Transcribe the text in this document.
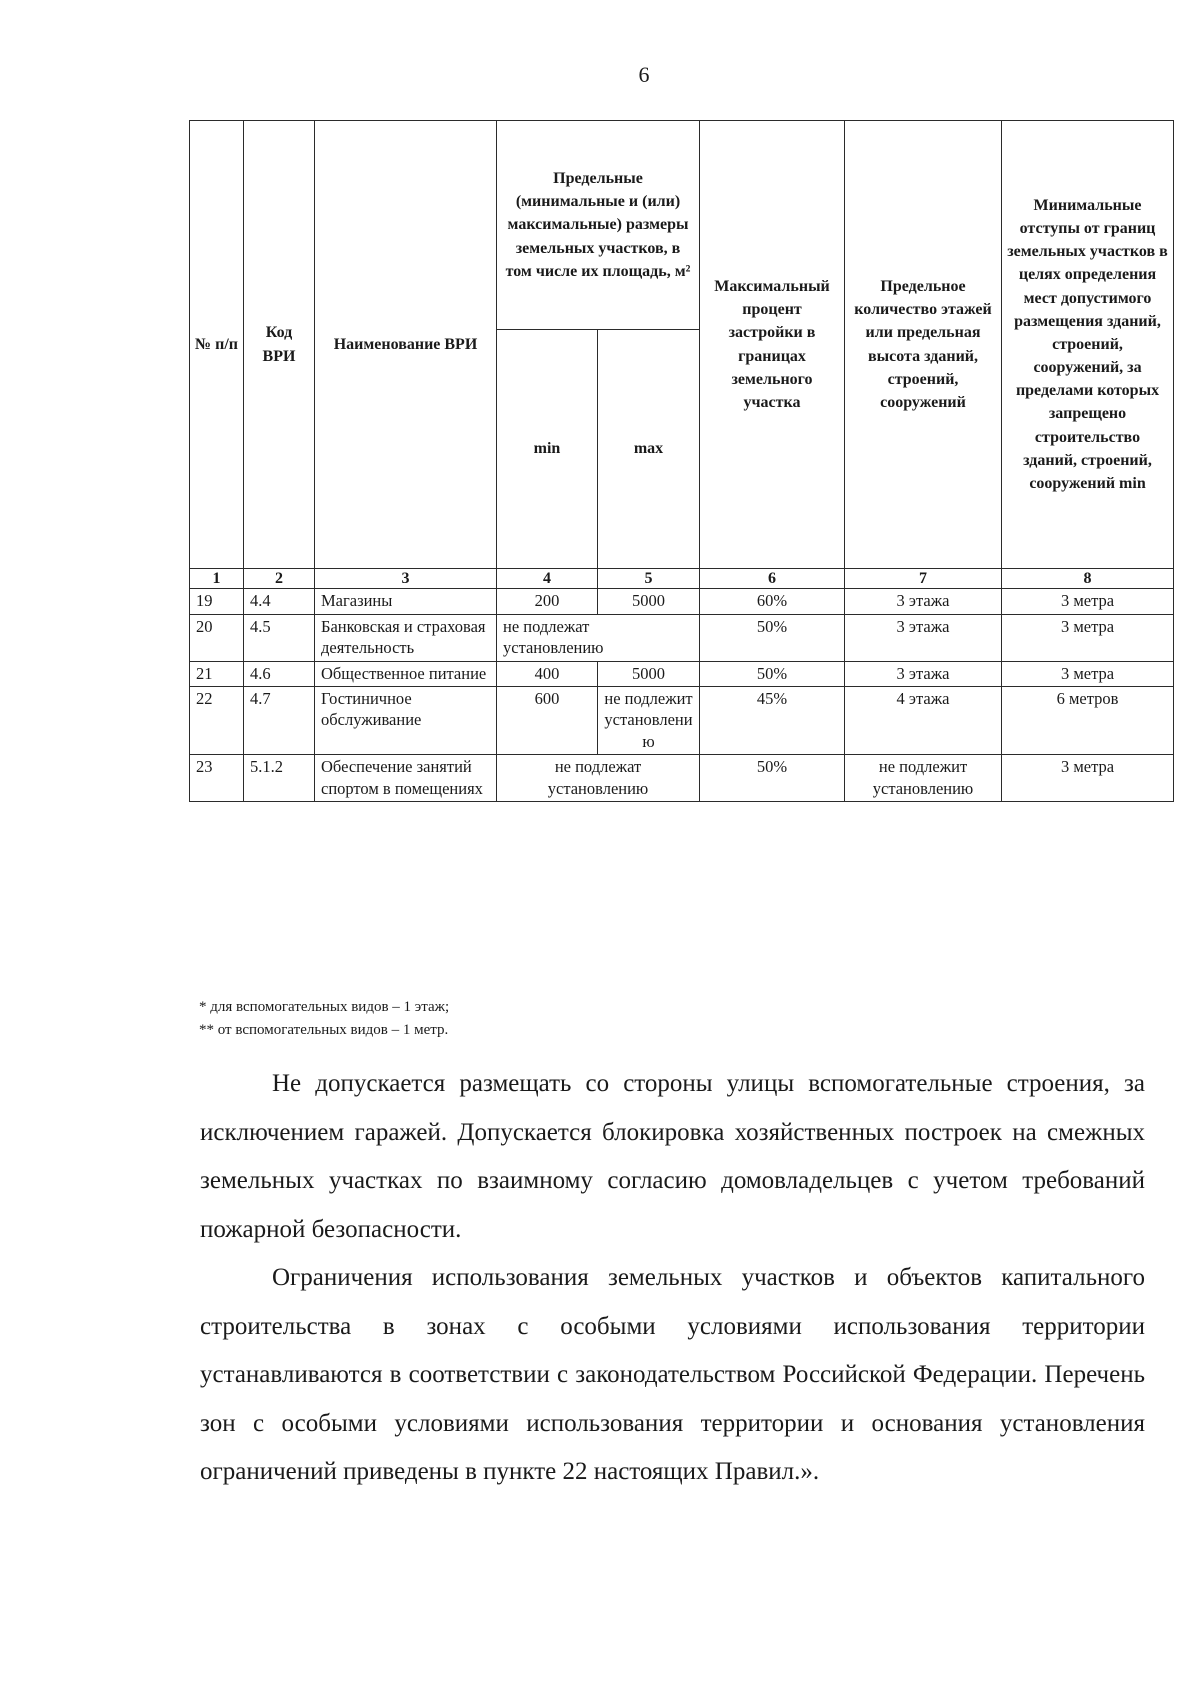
6
№ п/п	Код ВРИ	Наименование ВРИ	Предельные (минимальные и (или) максимальные) размеры земельных участков, в том числе их площадь, м²		Максимальный процент застройки в границах земельного участка	Предельное количество этажей или предельная высота зданий, строений, сооружений	Минимальные отступы от границ земельных участков в целях определения мест допустимого размещения зданий, строений, сооружений, за пределами которых запрещено строительство зданий, строений, сооружений min
			min	max			
1	2	3	4	5	6	7	8
19	4.4	Магазины	200	5000	60%	3 этажа	3 метра
20	4.5	Банковская и страховая деятельность	не подлежат установлению		50%	3 этажа	3 метра
21	4.6	Общественное питание	400	5000	50%	3 этажа	3 метра
22	4.7	Гостиничное обслуживание	600	не подлежит установлению	45%	4 этажа	6 метров
23	5.1.2	Обеспечение занятий спортом в помещениях	не подлежат установлению		50%	не подлежит установлению	3 метра
* для вспомогательных видов – 1 этаж;
** от вспомогательных видов – 1 метр.

Не допускается размещать со стороны улицы вспомогательные строения, за исключением гаражей. Допускается блокировка хозяйственных построек на смежных земельных участках по взаимному согласию домовладельцев с учетом требований пожарной безопасности.

Ограничения использования земельных участков и объектов капитального строительства в зонах с особыми условиями использования территории устанавливаются в соответствии с законодательством Российской Федерации. Перечень зон с особыми условиями использования территории и основания установления ограничений приведены в пункте 22 настоящих Правил.».
